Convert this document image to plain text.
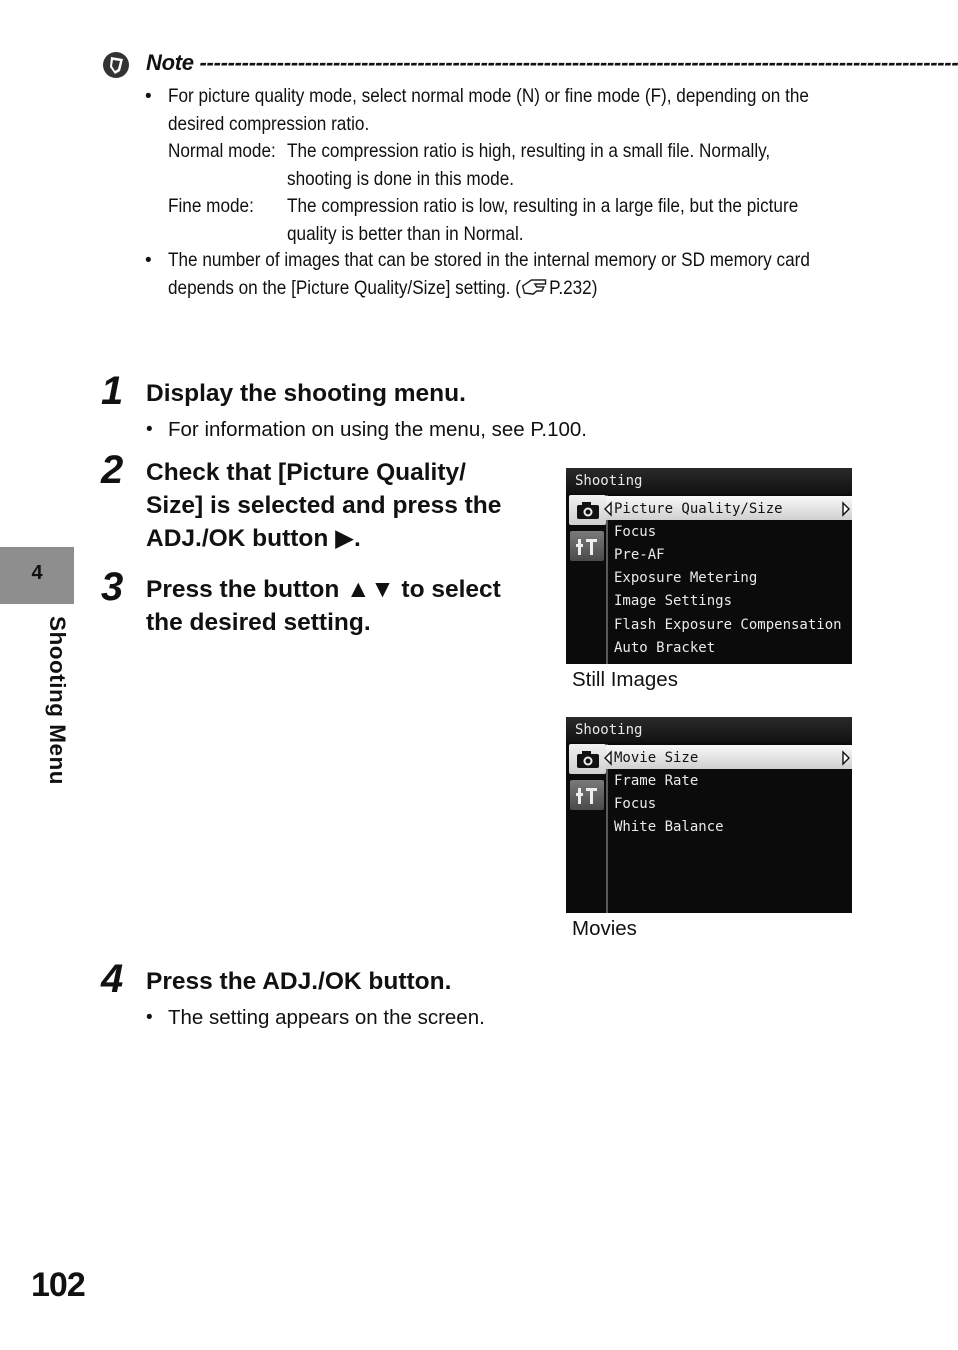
Note ------------------------------------------------------------------------------------------------------------
• For picture quality mode, select normal mode (N) or fine mode (F), depending on the
desired compression ratio.
Normal mode: The compression ratio is high, resulting in a small file. Normally,
shooting is done in this mode.
Fine mode: The compression ratio is low, resulting in a large file, but the picture
quality is better than in Normal.
• The number of images that can be stored in the internal memory or SD memory card
depends on the [Picture Quality/Size] setting. ( P.232)
1 Display the shooting menu.
• For information on using the menu, see P.100.
2 Check that [Picture Quality/
Size] is selected and press the
ADJ./OK button ▶.
3 Press the button ▲▼ to select
the desired setting.
Shooting
Picture Quality/Size
Focus
Pre-AF
Exposure Metering
Image Settings
Flash Exposure Compensation
Auto Bracket
Still Images
Shooting
Movie Size
Frame Rate
Focus
White Balance
Movies
4 Press the ADJ./OK button.
• The setting appears on the screen.
4
Shooting Menu
102
